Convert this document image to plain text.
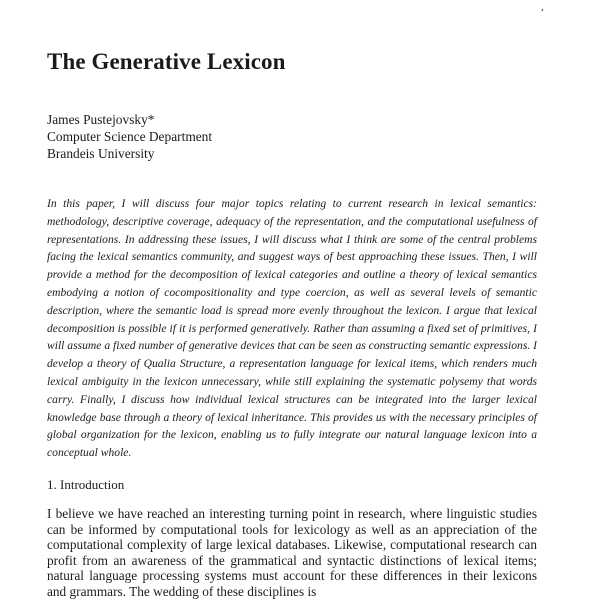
,
The Generative Lexicon
James Pustejovsky*
Computer Science Department
Brandeis University

In this paper, I will discuss four major topics relating to current research in lexical semantics: methodology, descriptive coverage, adequacy of the representation, and the computational usefulness of representations. In addressing these issues, I will discuss what I think are some of the central problems facing the lexical semantics community, and suggest ways of best approaching these issues. Then, I will provide a method for the decomposition of lexical categories and outline a theory of lexical semantics embodying a notion of cocompositionality and type coercion, as well as several levels of semantic description, where the semantic load is spread more evenly throughout the lexicon. I argue that lexical decomposition is possible if it is performed generatively. Rather than assuming a fixed set of primitives, I will assume a fixed number of generative devices that can be seen as constructing semantic expressions. I develop a theory of Qualia Structure, a representation language for lexical items, which renders much lexical ambiguity in the lexicon unnecessary, while still explaining the systematic polysemy that words carry. Finally, I discuss how individual lexical structures can be integrated into the larger lexical knowledge base through a theory of lexical inheritance. This provides us with the necessary principles of global organization for the lexicon, enabling us to fully integrate our natural language lexicon into a conceptual whole.

1. Introduction

I believe we have reached an interesting turning point in research, where linguistic studies can be informed by computational tools for lexicology as well as an appreciation of the computational complexity of large lexical databases. Likewise, computational research can profit from an awareness of the grammatical and syntactic distinctions of lexical items; natural language processing systems must account for these differences in their lexicons and grammars. The wedding of these disciplines is
